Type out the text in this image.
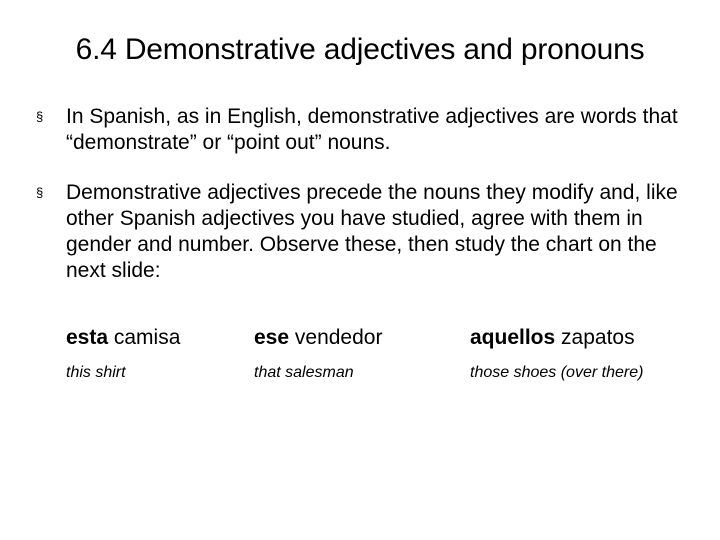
6.4 Demonstrative adjectives and pronouns
§ In Spanish, as in English, demonstrative adjectives are words that “demonstrate” or “point out” nouns.
§ Demonstrative adjectives precede the nouns they modify and, like other Spanish adjectives you have studied, agree with them in gender and number. Observe these, then study the chart on the next slide:
esta camisa
this shirt
ese vendedor
that salesman
aquellos zapatos
those shoes (over there)
